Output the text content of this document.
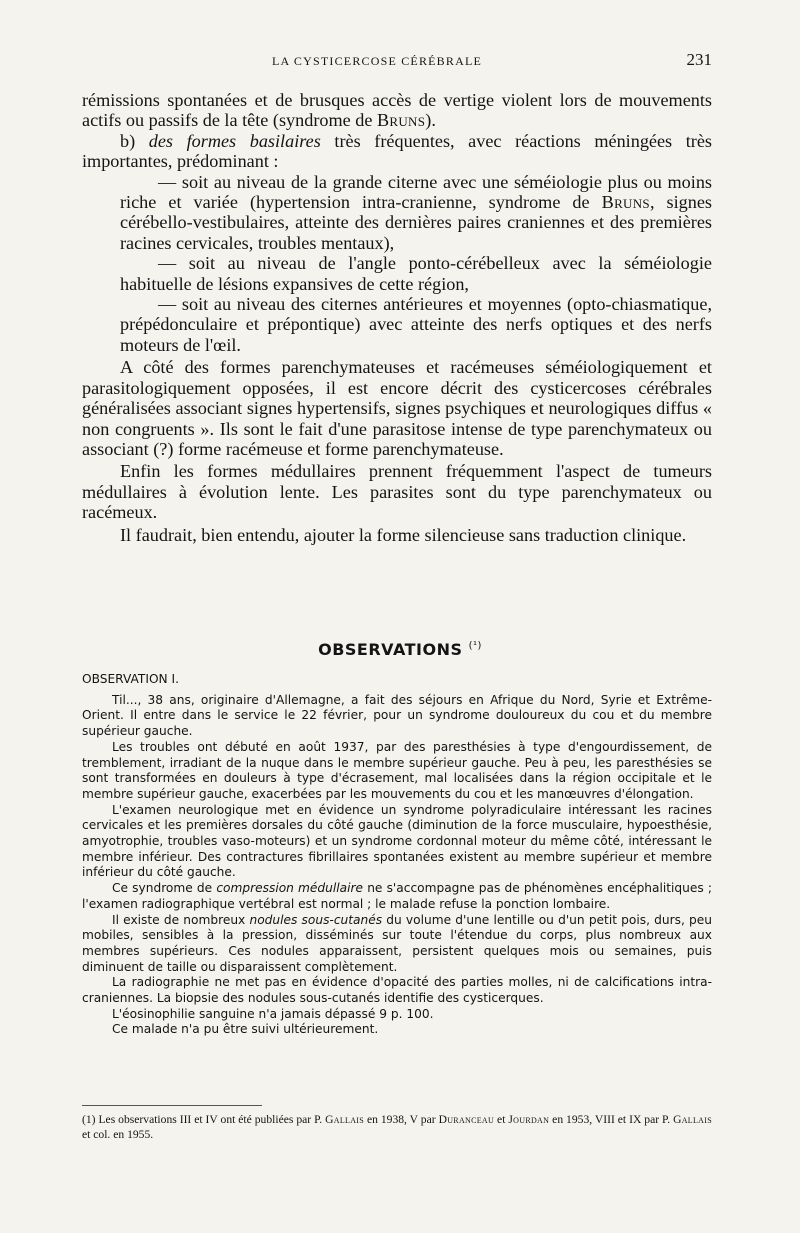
LA CYSTICERCOSE CÉRÉBRALE	231

rémissions spontanées et de brusques accès de vertige violent lors de mouvements actifs ou passifs de la tête (syndrome de Bruns).

b) des formes basilaires très fréquentes, avec réactions méningées très importantes, prédominant :

— soit au niveau de la grande citerne avec une séméiologie plus ou moins riche et variée (hypertension intra-cranienne, syndrome de Bruns, signes cérébello-vestibulaires, atteinte des dernières paires craniennes et des premières racines cervicales, troubles mentaux),

— soit au niveau de l'angle ponto-cérébelleux avec la séméiologie habituelle de lésions expansives de cette région,

— soit au niveau des citernes antérieures et moyennes (opto-chiasmatique, prépédonculaire et prépontique) avec atteinte des nerfs optiques et des nerfs moteurs de l'œil.

A côté des formes parenchymateuses et racémeuses séméiologiquement et parasitologiquement opposées, il est encore décrit des cysticercoses cérébrales généralisées associant signes hypertensifs, signes psychiques et neurologiques diffus « non congruents ». Ils sont le fait d'une parasitose intense de type parenchymateux ou associant (?) forme racémeuse et forme parenchymateuse.

Enfin les formes médullaires prennent fréquemment l'aspect de tumeurs médullaires à évolution lente. Les parasites sont du type parenchymateux ou racémeux.

Il faudrait, bien entendu, ajouter la forme silencieuse sans traduction clinique.

OBSERVATIONS $^{(^1)}$

OBSERVATION I.

Til..., 38 ans, originaire d'Allemagne, a fait des séjours en Afrique du Nord, Syrie et Extrême-Orient. Il entre dans le service le 22 février, pour un syndrome douloureux du cou et du membre supérieur gauche.

Les troubles ont débuté en août 1937, par des paresthésies à type d'engourdissement, de tremblement, irradiant de la nuque dans le membre supérieur gauche. Peu à peu, les paresthésies se sont transformées en douleurs à type d'écrasement, mal localisées dans la région occipitale et le membre supérieur gauche, exacerbées par les mouvements du cou et les manœuvres d'élongation.

L'examen neurologique met en évidence un syndrome polyradiculaire intéressant les racines cervicales et les premières dorsales du côté gauche (diminution de la force musculaire, hypoesthésie, amyotrophie, troubles vaso-moteurs) et un syndrome cordonnal moteur du même côté, intéressant le membre inférieur. Des contractures fibrillaires spontanées existent au membre supérieur et membre inférieur du côté gauche.

Ce syndrome de compression médullaire ne s'accompagne pas de phénomènes encéphalitiques ; l'examen radiographique vertébral est normal ; le malade refuse la ponction lombaire.

Il existe de nombreux nodules sous-cutanés du volume d'une lentille ou d'un petit pois, durs, peu mobiles, sensibles à la pression, disséminés sur toute l'étendue du corps, plus nombreux aux membres supérieurs. Ces nodules apparaissent, persistent quelques mois ou semaines, puis diminuent de taille ou disparaissent complètement.

La radiographie ne met pas en évidence d'opacité des parties molles, ni de calcifications intra-craniennes. La biopsie des nodules sous-cutanés identifie des cysticerques.

L'éosinophilie sanguine n'a jamais dépassé 9 p. 100.

Ce malade n'a pu être suivi ultérieurement.

(1) Les observations III et IV ont été publiées par P. Gallais en 1938, V par Duranceau et Jourdan en 1953, VIII et IX par P. Gallais et col. en 1955.
